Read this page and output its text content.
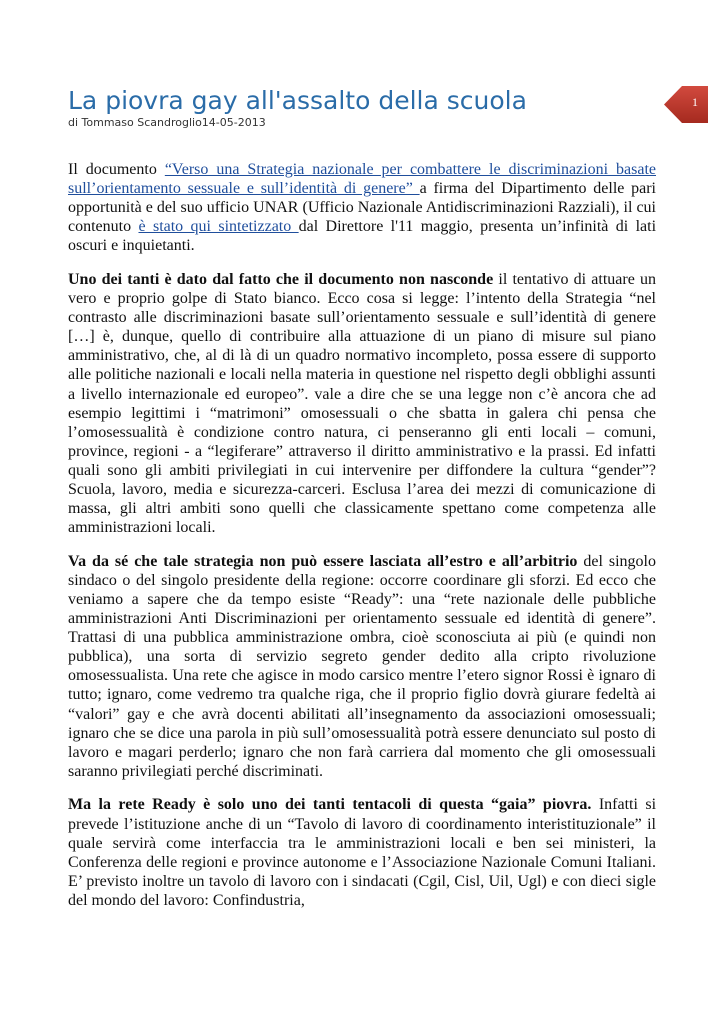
La piovra gay all'assalto della scuola
di Tommaso Scandroglio14-05-2013
1

Il documento “Verso una Strategia nazionale per combattere le discriminazioni basate sull’orientamento sessuale e sull’identità di genere” a firma del Dipartimento delle pari opportunità e del suo ufficio UNAR (Ufficio Nazionale Antidiscriminazioni Razziali), il cui contenuto è stato qui sintetizzato dal Direttore l'11 maggio, presenta un’infinità di lati oscuri e inquietanti.

Uno dei tanti è dato dal fatto che il documento non nasconde il tentativo di attuare un vero e proprio golpe di Stato bianco. Ecco cosa si legge: l’intento della Strategia “nel contrasto alle discriminazioni basate sull’orientamento sessuale e sull’identità di genere […] è, dunque, quello di contribuire alla attuazione di un piano di misure sul piano amministrativo, che, al di là di un quadro normativo incompleto, possa essere di supporto alle politiche nazionali e locali nella materia in questione nel rispetto degli obblighi assunti a livello internazionale ed europeo”. vale a dire che se una legge non c’è ancora che ad esempio legittimi i “matrimoni” omosessuali o che sbatta in galera chi pensa che l’omosessualità è condizione contro natura, ci penseranno gli enti locali – comuni, province, regioni - a “legiferare” attraverso il diritto amministrativo e la prassi. Ed infatti quali sono gli ambiti privilegiati in cui intervenire per diffondere la cultura “gender”? Scuola, lavoro, media e sicurezza-carceri. Esclusa l’area dei mezzi di comunicazione di massa, gli altri ambiti sono quelli che classicamente spettano come competenza alle amministrazioni locali.

Va da sé che tale strategia non può essere lasciata all’estro e all’arbitrio del singolo sindaco o del singolo presidente della regione: occorre coordinare gli sforzi. Ed ecco che veniamo a sapere che da tempo esiste “Ready”: una “rete nazionale delle pubbliche amministrazioni Anti Discriminazioni per orientamento sessuale ed identità di genere”. Trattasi di una pubblica amministrazione ombra, cioè sconosciuta ai più (e quindi non pubblica), una sorta di servizio segreto gender dedito alla cripto rivoluzione omosessualista. Una rete che agisce in modo carsico mentre l’etero signor Rossi è ignaro di tutto; ignaro, come vedremo tra qualche riga, che il proprio figlio dovrà giurare fedeltà ai “valori” gay e che avrà docenti abilitati all’insegnamento da associazioni omosessuali; ignaro che se dice una parola in più sull’omosessualità potrà essere denunciato sul posto di lavoro e magari perderlo; ignaro che non farà carriera dal momento che gli omosessuali saranno privilegiati perché discriminati.

Ma la rete Ready è solo uno dei tanti tentacoli di questa “gaia” piovra. Infatti si prevede l’istituzione anche di un “Tavolo di lavoro di coordinamento interistituzionale” il quale servirà come interfaccia tra le amministrazioni locali e ben sei ministeri, la Conferenza delle regioni e province autonome e l’Associazione Nazionale Comuni Italiani. E’ previsto inoltre un tavolo di lavoro con i sindacati (Cgil, Cisl, Uil, Ugl) e con dieci sigle del mondo del lavoro: Confindustria,
